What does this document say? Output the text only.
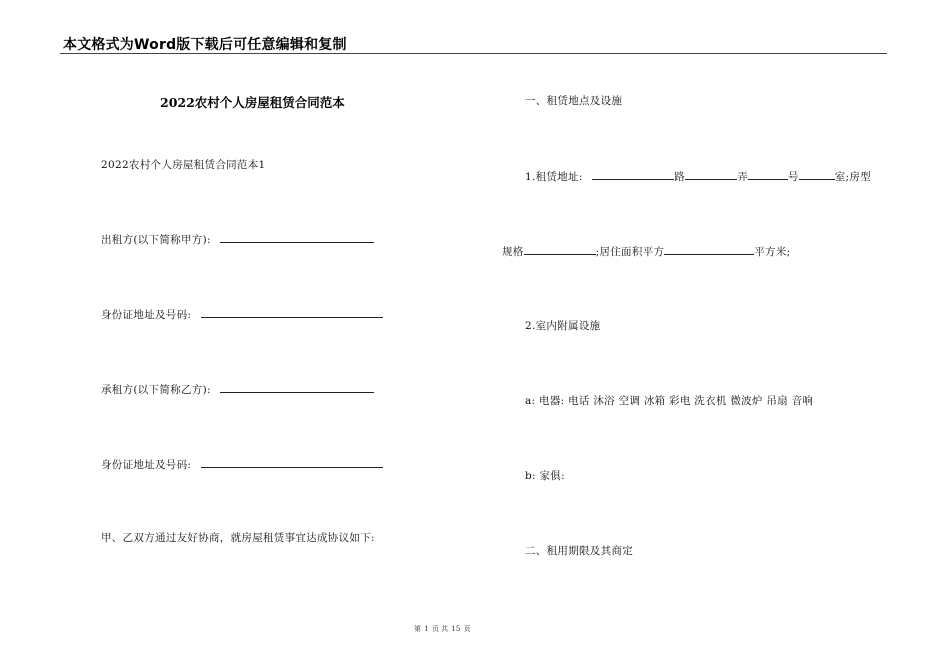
本文格式为Word版下载后可任意编辑和复制
2022农村个人房屋租赁合同范本
2022农村个人房屋租赁合同范本1
出租方(以下简称甲方):
身份证地址及号码:
承租方(以下简称乙方):
身份证地址及号码:
甲、乙双方通过友好协商，就房屋租赁事宜达成协议如下:
一、租赁地点及设施
1.租赁地址:	路	弄	号	室;房型
规格	;居住面积平方	平方米;
2.室内附属设施
a: 电器: 电话 沐浴 空调 冰箱 彩电 洗衣机 微波炉 吊扇 音响
b: 家俱:
二、租用期限及其商定
第 1 页 共 15 页
